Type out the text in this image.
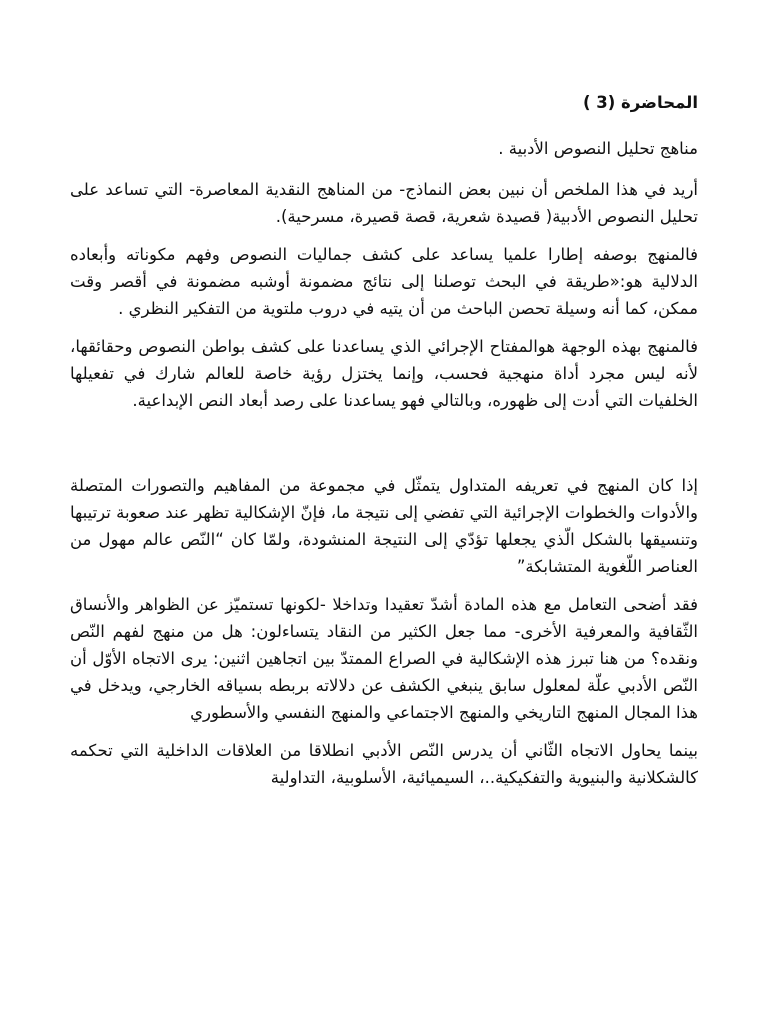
المحاضرة (3 )

مناهج تحليل النصوص الأدبية .

أريد في هذا الملخص أن نبين بعض النماذج- من المناهج النقدية المعاصرة- التي تساعد على تحليل النصوص الأدبية( قصيدة شعرية، قصة قصيرة، مسرحية).

فالمنهج بوصفه إطارا علميا يساعد على كشف جماليات النصوص وفهم مكوناته وأبعاده الدلالية هو:«طريقة في البحث توصلنا إلى نتائج مضمونة أوشبه مضمونة في أقصر وقت ممكن، كما أنه وسيلة تحصن الباحث من أن يتيه في دروب ملتوية من التفكير النظري .

فالمنهج بهذه الوجهة هوالمفتاح الإجرائي الذي يساعدنا على كشف بواطن النصوص وحقائقها، لأنه ليس مجرد أداة منهجية فحسب، وإنما يختزل رؤية خاصة للعالم شارك في تفعيلها الخلفيات التي أدت إلى ظهوره، وبالتالي فهو يساعدنا على رصد أبعاد النص الإبداعية.

إذا كان المنهج في تعريفه المتداول يتمثّل في مجموعة من المفاهيم والتصورات المتصلة والأدوات والخطوات الإجرائية التي تفضي إلى نتيجة ما، فإنّ الإشكالية تظهر عند صعوبة ترتيبها وتنسيقها بالشكل الّذي يجعلها تؤدّي إلى النتيجة المنشودة، ولمّا كان “النّص عالم مهول من العناصر اللّغوية المتشابكة”

فقد أضحى التعامل مع هذه المادة أشدّ تعقيدا وتداخلا -لكونها تستميّز عن الظواهر والأنساق الثّقافية والمعرفية الأخرى- مما جعل الكثير من النقاد يتساءلون: هل من منهج لفهم النّص ونقده؟ من هنا تبرز هذه الإشكالية في الصراع الممتدّ بين اتجاهين اثنين: يرى الاتجاه الأوّل أن النّص الأدبي علّة لمعلول سابق ينبغي الكشف عن دلالاته بربطه بسياقه الخارجي، ويدخل في هذا المجال المنهج التاريخي والمنهج الاجتماعي والمنهج النفسي والأسطوري

بينما يحاول الاتجاه الثّاني أن يدرس النّص الأدبي انطلاقا من العلاقات الداخلية التي تحكمه كالشكلانية والبنيوية والتفكيكية..، السيميائية، الأسلوبية، التداولية
